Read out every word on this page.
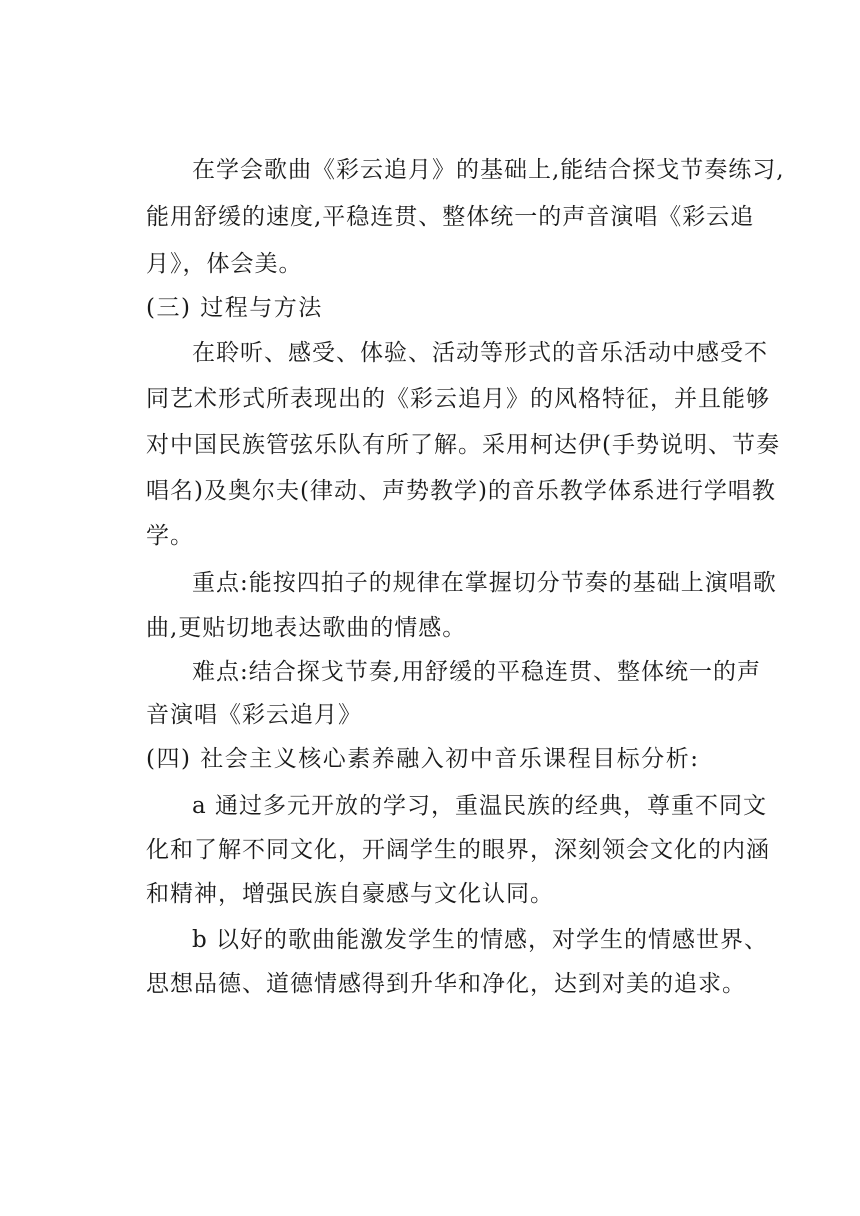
在学会歌曲《彩云追月》的基础上,能结合探戈节奏练习,
能用舒缓的速度,平稳连贯、整体统一的声音演唱《彩云追
月》，体会美。
(三) 过程与方法
在聆听、感受、体验、活动等形式的音乐活动中感受不
同艺术形式所表现出的《彩云追月》的风格特征，并且能够
对中国民族管弦乐队有所了解。采用柯达伊(手势说明、节奏
唱名)及奥尔夫(律动、声势教学)的音乐教学体系进行学唱教
学。
重点:能按四拍子的规律在掌握切分节奏的基础上演唱歌
曲,更贴切地表达歌曲的情感。
难点:结合探戈节奏,用舒缓的平稳连贯、整体统一的声
音演唱《彩云追月》
(四) 社会主义核心素养融入初中音乐课程目标分析:
a 通过多元开放的学习，重温民族的经典，尊重不同文
化和了解不同文化，开阔学生的眼界，深刻领会文化的内涵
和精神，增强民族自豪感与文化认同。
b 以好的歌曲能激发学生的情感，对学生的情感世界、
思想品德、道德情感得到升华和净化，达到对美的追求。
